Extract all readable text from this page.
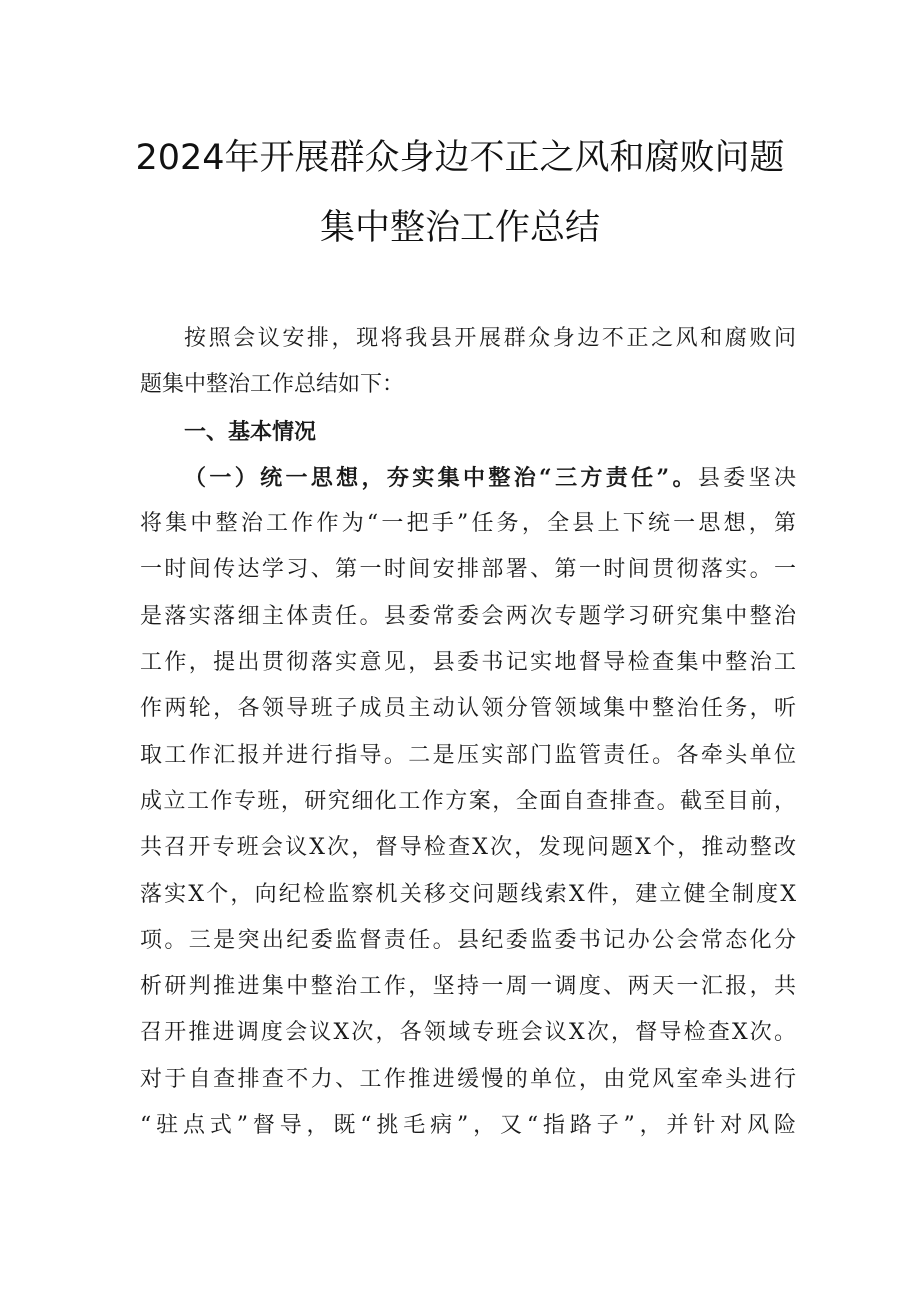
2024年开展群众身边不正之风和腐败问题
集中整治工作总结
按照会议安排，现将我县开展群众身边不正之风和腐败问
题集中整治工作总结如下：
一、基本情况
（一）统一思想，夯实集中整治“三方责任”。县委坚决
将集中整治工作作为“一把手”任务，全县上下统一思想，第
一时间传达学习、第一时间安排部署、第一时间贯彻落实。一
是落实落细主体责任。县委常委会两次专题学习研究集中整治
工作，提出贯彻落实意见，县委书记实地督导检查集中整治工
作两轮，各领导班子成员主动认领分管领域集中整治任务，听
取工作汇报并进行指导。二是压实部门监管责任。各牵头单位
成立工作专班，研究细化工作方案，全面自查排查。截至目前，
共召开专班会议X次，督导检查X次，发现问题X个，推动整改
落实X个，向纪检监察机关移交问题线索X件，建立健全制度X
项。三是突出纪委监督责任。县纪委监委书记办公会常态化分
析研判推进集中整治工作，坚持一周一调度、两天一汇报，共
召开推进调度会议X次，各领域专班会议X次，督导检查X次。
对于自查排查不力、工作推进缓慢的单位，由党风室牵头进行
“驻点式”督导，既“挑毛病”，又“指路子”，并针对风险
